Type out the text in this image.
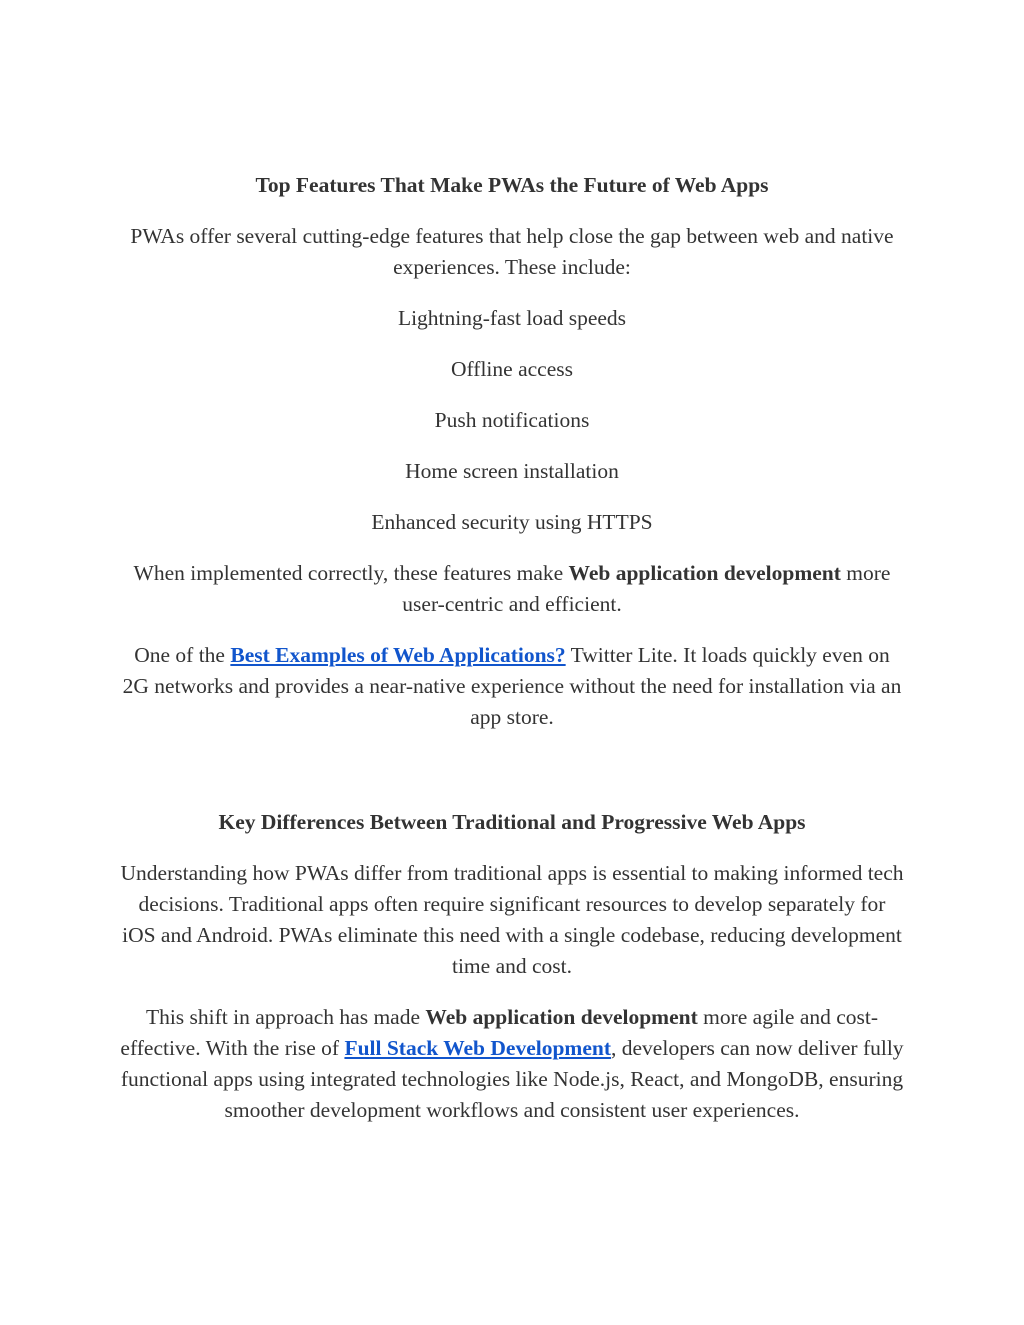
Top Features That Make PWAs the Future of Web Apps

PWAs offer several cutting-edge features that help close the gap between web and native experiences. These include:

Lightning-fast load speeds

Offline access

Push notifications

Home screen installation

Enhanced security using HTTPS

When implemented correctly, these features make Web application development more user-centric and efficient.

One of the Best Examples of Web Applications? Twitter Lite. It loads quickly even on 2G networks and provides a near-native experience without the need for installation via an app store.

Key Differences Between Traditional and Progressive Web Apps

Understanding how PWAs differ from traditional apps is essential to making informed tech decisions. Traditional apps often require significant resources to develop separately for iOS and Android. PWAs eliminate this need with a single codebase, reducing development time and cost.

This shift in approach has made Web application development more agile and cost-effective. With the rise of Full Stack Web Development, developers can now deliver fully functional apps using integrated technologies like Node.js, React, and MongoDB, ensuring smoother development workflows and consistent user experiences.
